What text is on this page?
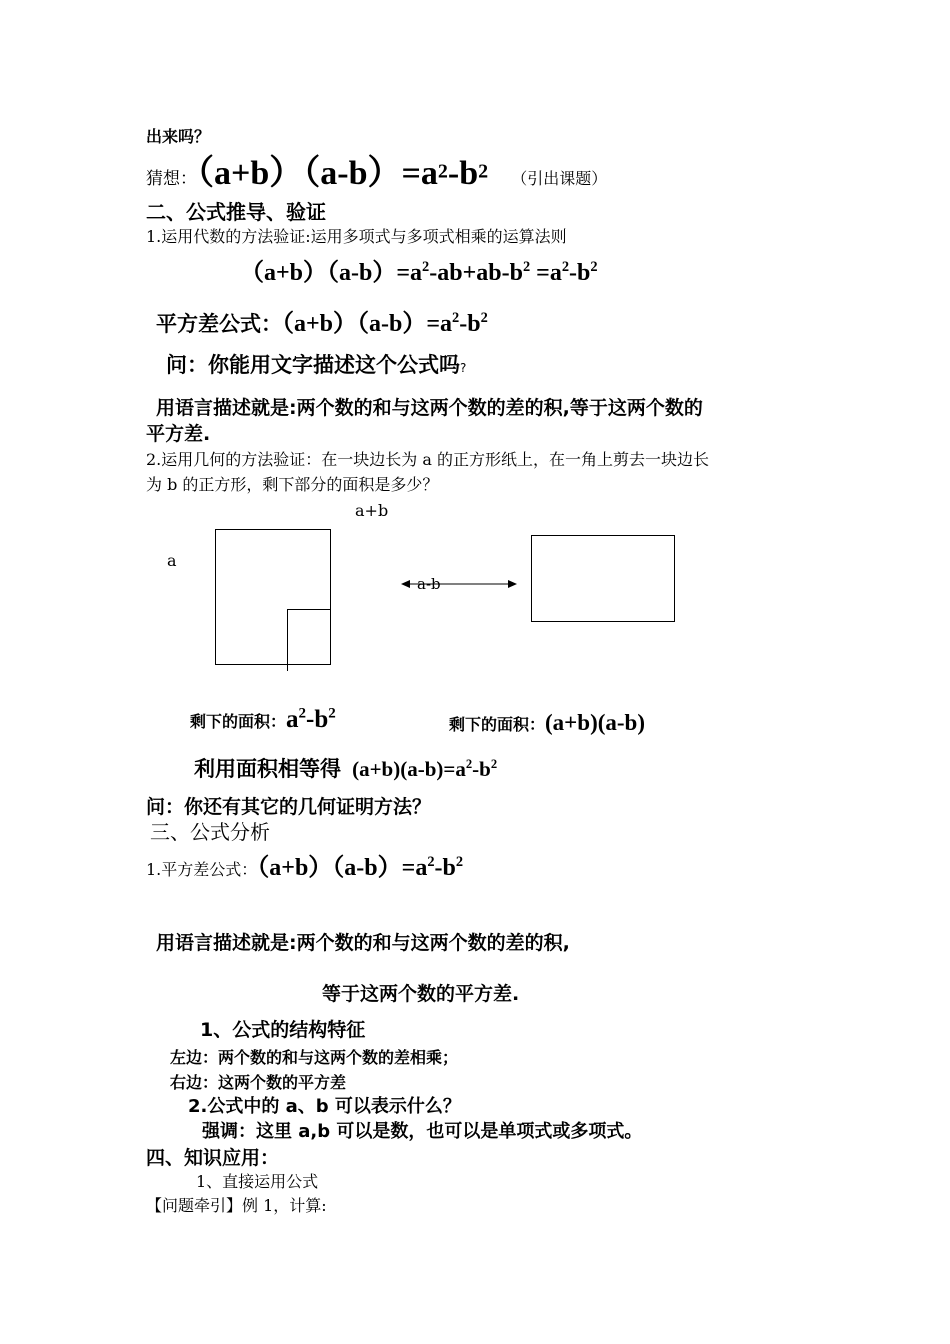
出来吗？
猜想：$(a+b)(a-b)=a^2-b^2$ （引出课题）
二、公式推导、验证
1.运用代数的方法验证:运用多项式与多项式相乘的运算法则
$(a+b)(a-b)=a^2-ab+ab-b^2 =a^2-b^2$
平方差公式：$(a+b)(a-b)=a^2-b^2$
问：你能用文字描述这个公式吗?
用语言描述就是:两个数的和与这两个数的差的积,等于这两个数的
平方差.
2.运用几何的方法验证：在一块边长为 a 的正方形纸上，在一角上剪去一块边长
为 b 的正方形，剩下部分的面积是多少？
a+b
a
a-b
剩下的面积：$a^2-b^2$
剩下的面积：(a+b)(a-b)
利用面积相等得 $(a+b)(a-b)=a^2-b^2$
问：你还有其它的几何证明方法？
三、公式分析
1.平方差公式：$(a+b)(a-b)=a^2-b^2$
用语言描述就是:两个数的和与这两个数的差的积,
等于这两个数的平方差.
1、公式的结构特征
左边：两个数的和与这两个数的差相乘；
右边：这两个数的平方差
2.公式中的 a、b 可以表示什么？
强调：这里 a,b 可以是数，也可以是单项式或多项式。
四、知识应用：
1、直接运用公式
【问题牵引】例 1，计算:
